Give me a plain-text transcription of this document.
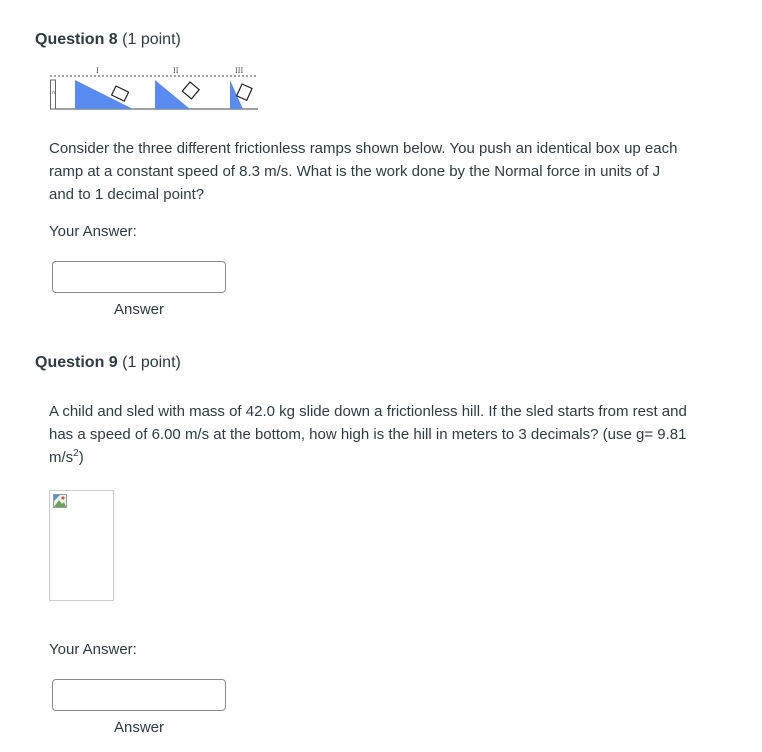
Question 8 (1 point)
h
I	II	III
Consider the three different frictionless ramps shown below. You push an identical box up each ramp at a constant speed of 8.3 m/s. What is the work done by the Normal force in units of J and to 1 decimal point?
Your Answer:
Answer
Question 9 (1 point)
A child and sled with mass of 42.0 kg slide down a frictionless hill. If the sled starts from rest and has a speed of 6.00 m/s at the bottom, how high is the hill in meters to 3 decimals? (use g= 9.81 $m/s^2$)
Your Answer:
Answer
